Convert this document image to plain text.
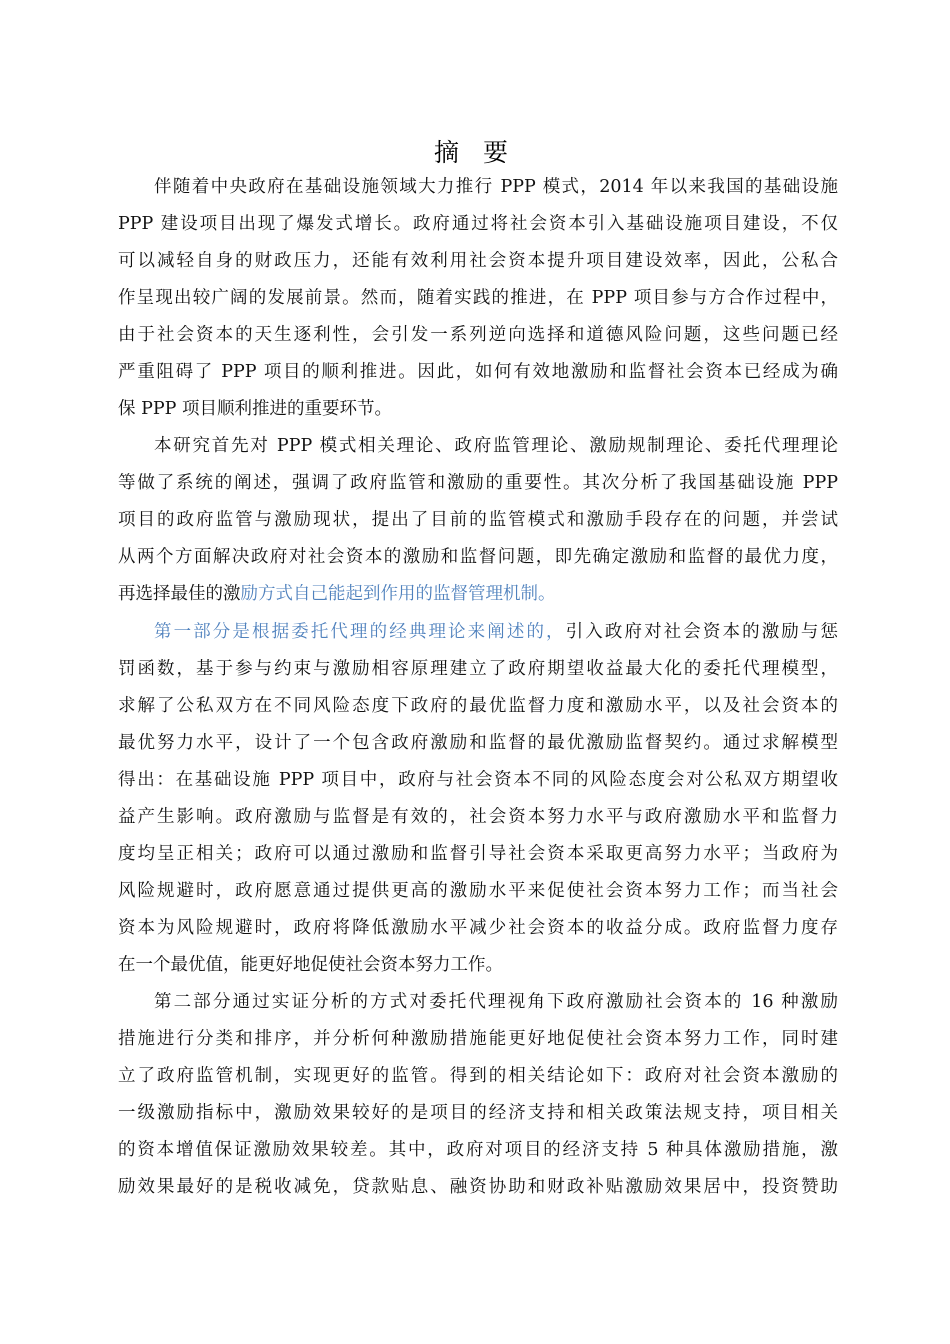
摘 要
伴随着中央政府在基础设施领域大力推行 PPP 模式，2014 年以来我国的基础设施
PPP 建设项目出现了爆发式增长。政府通过将社会资本引入基础设施项目建设，不仅
可以减轻自身的财政压力，还能有效利用社会资本提升项目建设效率，因此，公私合
作呈现出较广阔的发展前景。然而，随着实践的推进，在 PPP 项目参与方合作过程中，
由于社会资本的天生逐利性，会引发一系列逆向选择和道德风险问题，这些问题已经
严重阻碍了 PPP 项目的顺利推进。因此，如何有效地激励和监督社会资本已经成为确
保 PPP 项目顺利推进的重要环节。
本研究首先对 PPP 模式相关理论、政府监管理论、激励规制理论、委托代理理论
等做了系统的阐述，强调了政府监管和激励的重要性。其次分析了我国基础设施 PPP
项目的政府监管与激励现状，提出了目前的监管模式和激励手段存在的问题，并尝试
从两个方面解决政府对社会资本的激励和监督问题，即先确定激励和监督的最优力度，
再选择最佳的激励方式自己能起到作用的监督管理机制。
第一部分是根据委托代理的经典理论来阐述的，引入政府对社会资本的激励与惩
罚函数，基于参与约束与激励相容原理建立了政府期望收益最大化的委托代理模型，
求解了公私双方在不同风险态度下政府的最优监督力度和激励水平，以及社会资本的
最优努力水平，设计了一个包含政府激励和监督的最优激励监督契约。通过求解模型
得出：在基础设施 PPP 项目中，政府与社会资本不同的风险态度会对公私双方期望收
益产生影响。政府激励与监督是有效的，社会资本努力水平与政府激励水平和监督力
度均呈正相关；政府可以通过激励和监督引导社会资本采取更高努力水平；当政府为
风险规避时，政府愿意通过提供更高的激励水平来促使社会资本努力工作；而当社会
资本为风险规避时，政府将降低激励水平减少社会资本的收益分成。政府监督力度存
在一个最优值，能更好地促使社会资本努力工作。
第二部分通过实证分析的方式对委托代理视角下政府激励社会资本的 16 种激励
措施进行分类和排序，并分析何种激励措施能更好地促使社会资本努力工作，同时建
立了政府监管机制，实现更好的监管。得到的相关结论如下：政府对社会资本激励的
一级激励指标中，激励效果较好的是项目的经济支持和相关政策法规支持，项目相关
的资本增值保证激励效果较差。其中，政府对项目的经济支持 5 种具体激励措施，激
励效果最好的是税收减免，贷款贴息、融资协助和财政补贴激励效果居中，投资赞助
